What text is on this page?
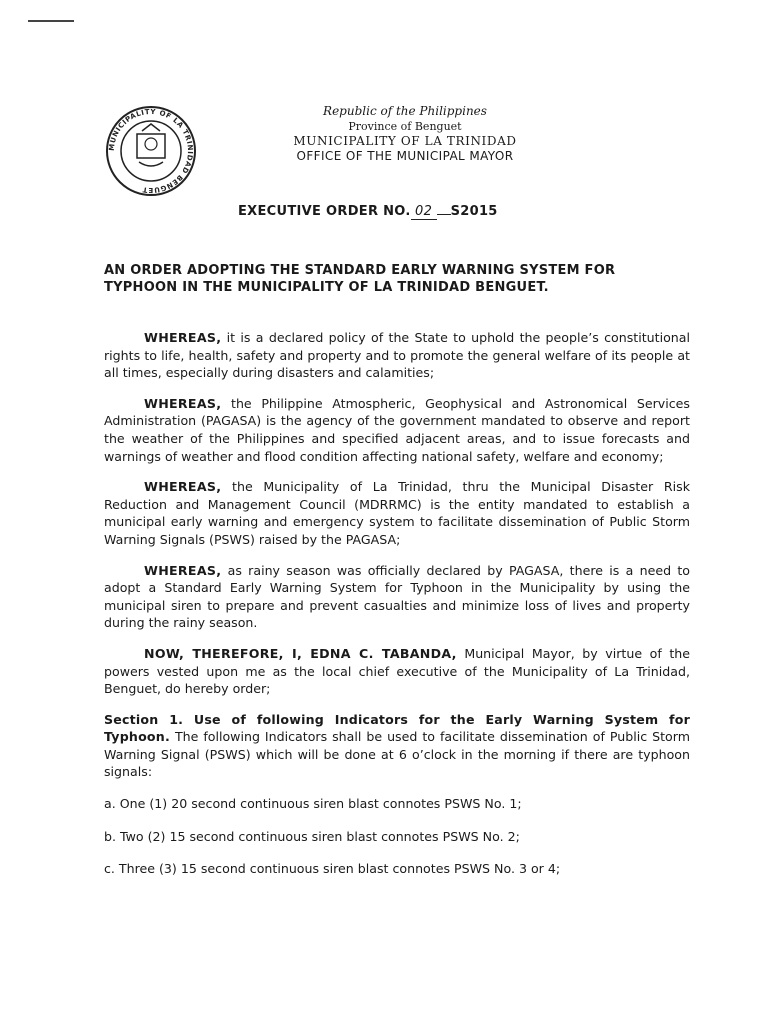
MUNICIPALITY OF LA TRINIDAD BENGUET
Republic of the Philippines
Province of Benguet
MUNICIPALITY OF LA TRINIDAD
OFFICE OF THE MUNICIPAL MAYOR
EXECUTIVE ORDER NO. 02 S2015
AN ORDER ADOPTING THE STANDARD EARLY WARNING SYSTEM FOR TYPHOON IN THE MUNICIPALITY OF LA TRINIDAD BENGUET.

WHEREAS, it is a declared policy of the State to uphold the people’s constitutional rights to life, health, safety and property and to promote the general welfare of its people at all times, especially during disasters and calamities;

WHEREAS, the Philippine Atmospheric, Geophysical and Astronomical Services Administration (PAGASA) is the agency of the government mandated to observe and report the weather of the Philippines and specified adjacent areas, and to issue forecasts and warnings of weather and flood condition affecting national safety, welfare and economy;

WHEREAS, the Municipality of La Trinidad, thru the Municipal Disaster Risk Reduction and Management Council (MDRRMC) is the entity mandated to establish a municipal early warning and emergency system to facilitate dissemination of Public Storm Warning Signals (PSWS) raised by the PAGASA;

WHEREAS, as rainy season was officially declared by PAGASA, there is a need to adopt a Standard Early Warning System for Typhoon in the Municipality by using the municipal siren to prepare and prevent casualties and minimize loss of lives and property during the rainy season.

NOW, THEREFORE, I, EDNA C. TABANDA, Municipal Mayor, by virtue of the powers vested upon me as the local chief executive of the Municipality of La Trinidad, Benguet, do hereby order;

Section 1. Use of following Indicators for the Early Warning System for Typhoon. The following Indicators shall be used to facilitate dissemination of Public Storm Warning Signal (PSWS) which will be done at 6 o’clock in the morning if there are typhoon signals:

a. One (1) 20 second continuous siren blast connotes PSWS No. 1;

b. Two (2) 15 second continuous siren blast connotes PSWS No. 2;

c. Three (3) 15 second continuous siren blast connotes PSWS No. 3 or 4;
